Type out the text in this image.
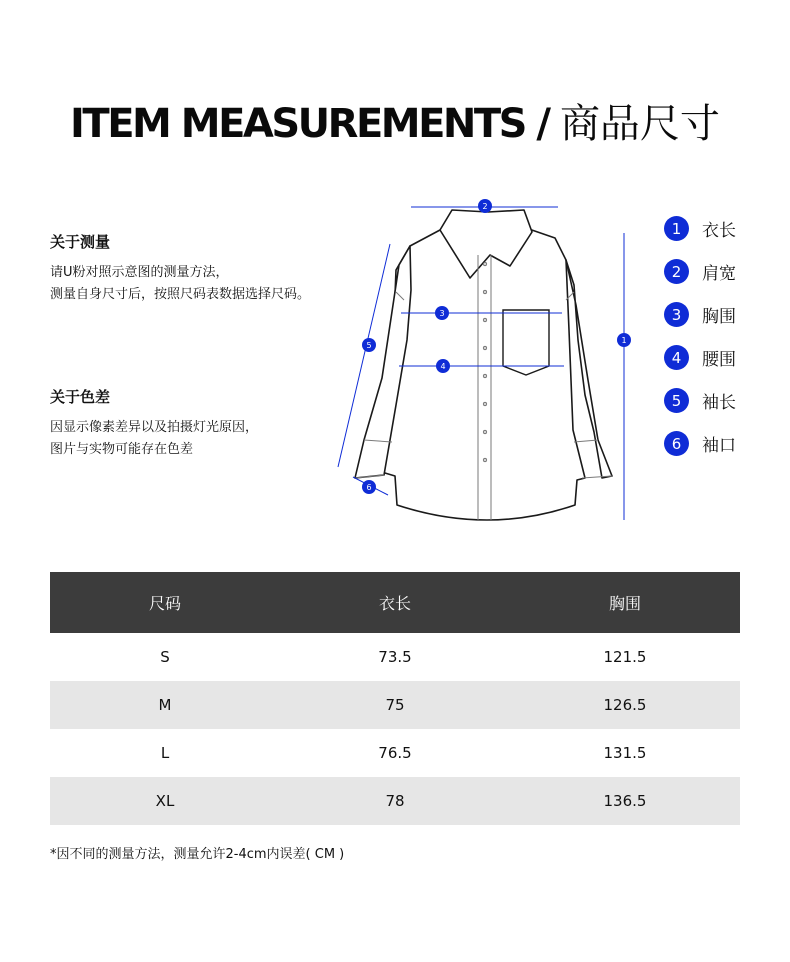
ITEM MEASUREMENTS / 商品尺寸
关于测量
请U粉对照示意图的测量方法，
测量自身尺寸后，按照尺码表数据选择尺码。
关于色差
因显示像素差异以及拍摄灯光原因，
图片与实物可能存在色差
2
3
4
1
5
6
1	衣长
2	肩宽
3	胸围
4	腰围
5	袖长
6	袖口
尺码	衣长	胸围
S	73.5	121.5
M	75	126.5
L	76.5	131.5
XL	78	136.5
*因不同的测量方法，测量允许2-4cm内误差( CM )
